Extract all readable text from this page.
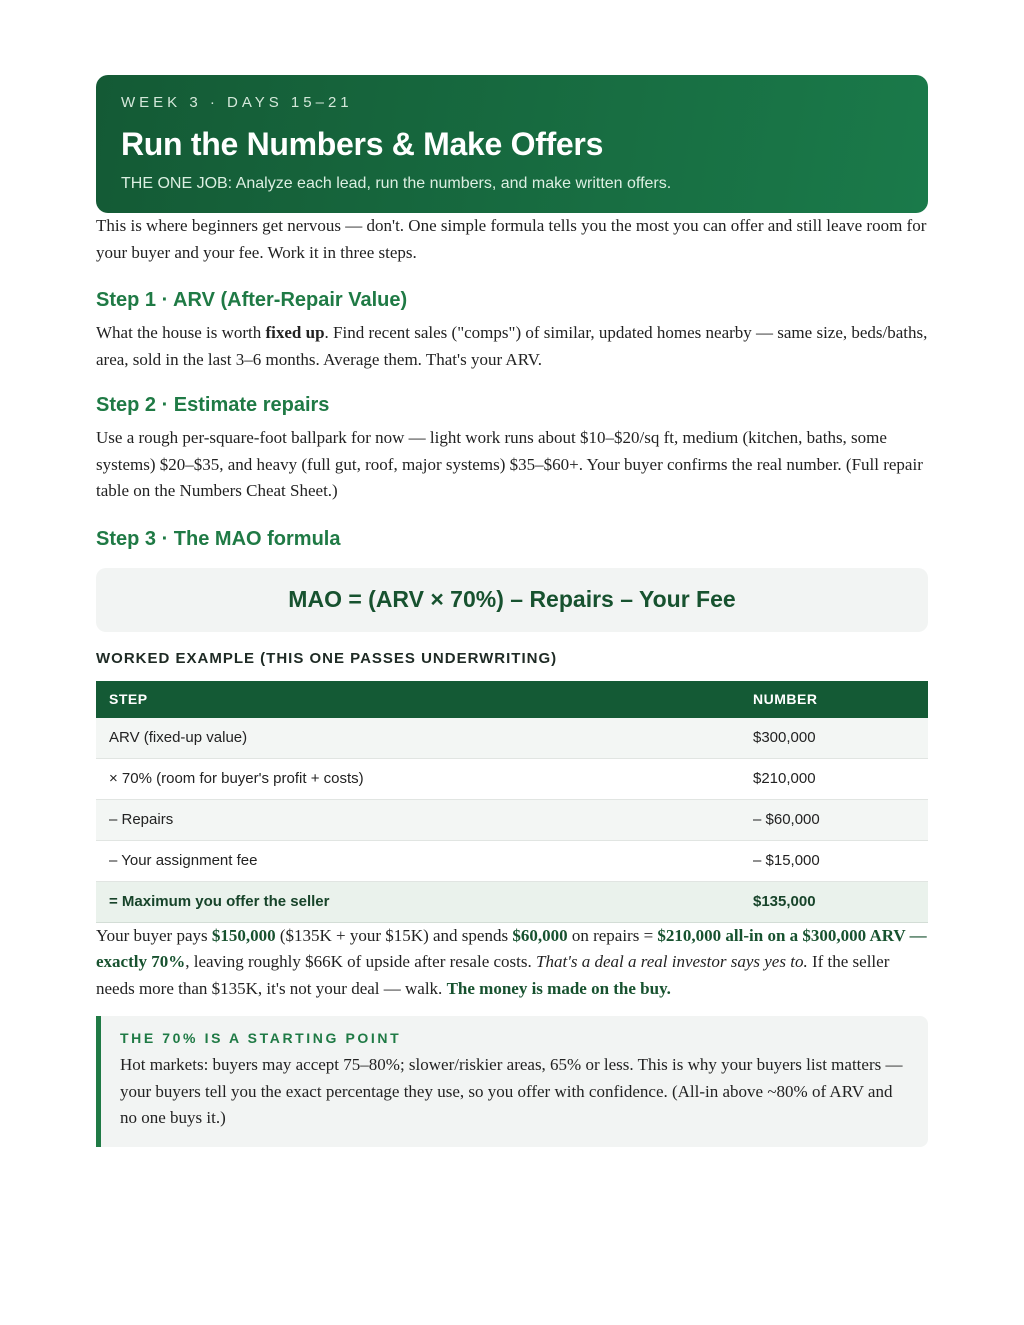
WEEK 3 · DAYS 15–21
Run the Numbers & Make Offers
THE ONE JOB: Analyze each lead, run the numbers, and make written offers.

This is where beginners get nervous — don't. One simple formula tells you the most you can offer and still leave room for your buyer and your fee. Work it in three steps.

Step 1 · ARV (After-Repair Value)

What the house is worth fixed up. Find recent sales ("comps") of similar, updated homes nearby — same size, beds/baths, area, sold in the last 3–6 months. Average them. That's your ARV.

Step 2 · Estimate repairs

Use a rough per-square-foot ballpark for now — light work runs about $10–$20/sq ft, medium (kitchen, baths, some systems) $20–$35, and heavy (full gut, roof, major systems) $35–$60+. Your buyer confirms the real number. (Full repair table on the Numbers Cheat Sheet.)

Step 3 · The MAO formula
MAO = (ARV × 70%) – Repairs – Your Fee
WORKED EXAMPLE (THIS ONE PASSES UNDERWRITING)
STEP	NUMBER
ARV (fixed-up value)	$300,000
× 70% (room for buyer's profit + costs)	$210,000
– Repairs	– $60,000
– Your assignment fee	– $15,000
= Maximum you offer the seller	$135,000

Your buyer pays $150,000 ($135K + your $15K) and spends $60,000 on repairs = $210,000 all-in on a $300,000 ARV — exactly 70%, leaving roughly $66K of upside after resale costs. That's a deal a real investor says yes to. If the seller needs more than $135K, it's not your deal — walk. The money is made on the buy.

THE 70% IS A STARTING POINT

Hot markets: buyers may accept 75–80%; slower/riskier areas, 65% or less. This is why your buyers list matters — your buyers tell you the exact percentage they use, so you offer with confidence. (All-in above ~80% of ARV and no one buys it.)
